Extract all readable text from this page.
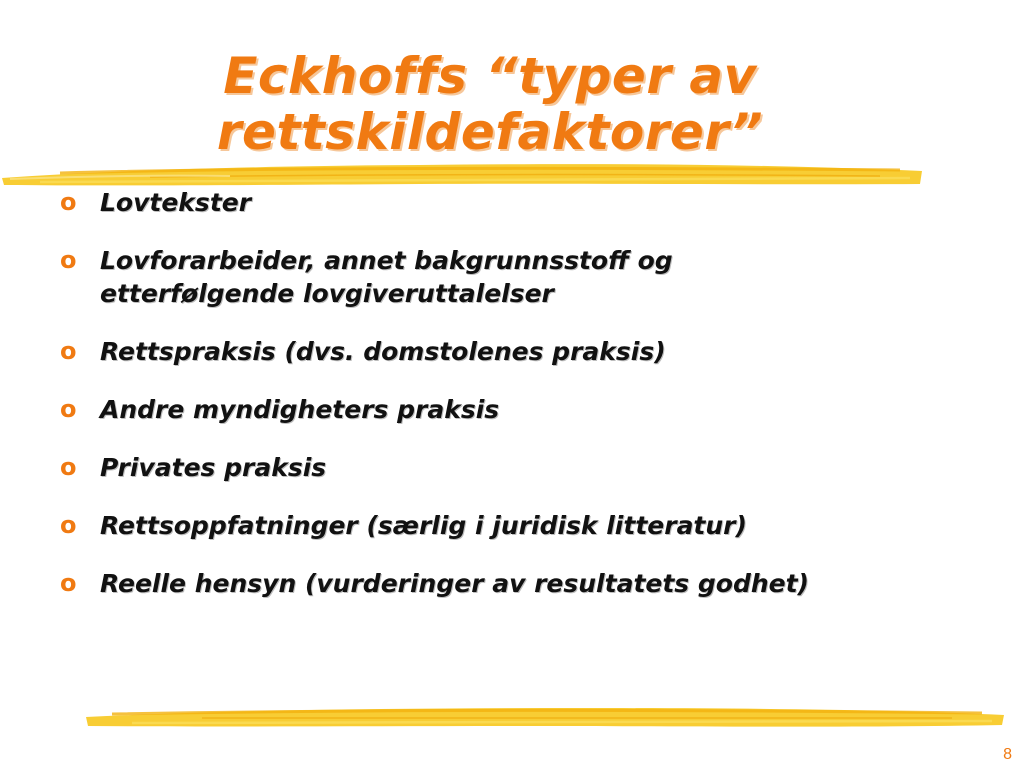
Eckhoffs “typer av
rettskildefaktorer”
o Lovtekster
o Lovforarbeider, annet bakgrunnsstoff og
etterfølgende lovgiveruttalelser
o Rettspraksis (dvs. domstolenes praksis)
o Andre myndigheters praksis
o Privates praksis
o Rettsoppfatninger (særlig i juridisk litteratur)
o Reelle hensyn (vurderinger av resultatets godhet)
8
